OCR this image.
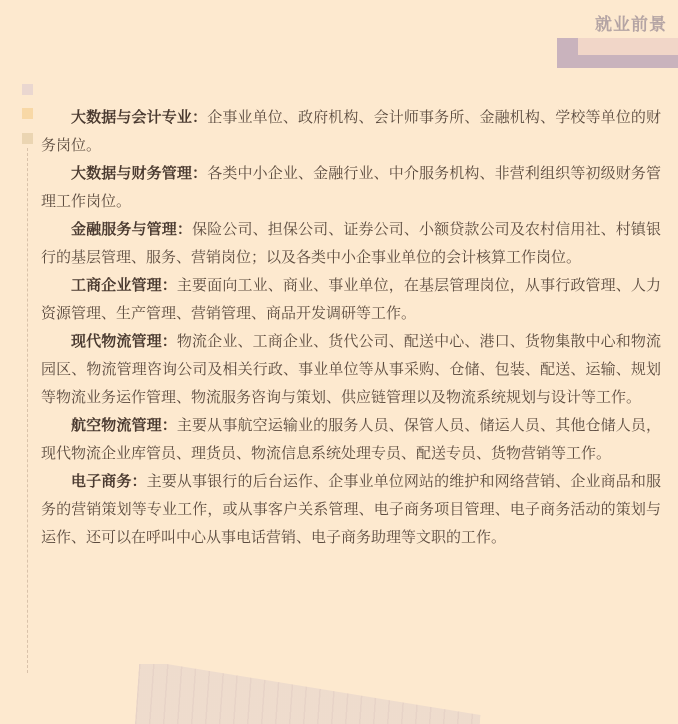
就业前景

大数据与会计专业：企事业单位、政府机构、会计师事务所、金融机构、学校等单位的财务岗位。

大数据与财务管理：各类中小企业、金融行业、中介服务机构、非营利组织等初级财务管理工作岗位。

金融服务与管理：保险公司、担保公司、证券公司、小额贷款公司及农村信用社、村镇银行的基层管理、服务、营销岗位；以及各类中小企事业单位的会计核算工作岗位。

工商企业管理：主要面向工业、商业、事业单位，在基层管理岗位，从事行政管理、人力资源管理、生产管理、营销管理、商品开发调研等工作。

现代物流管理：物流企业、工商企业、货代公司、配送中心、港口、货物集散中心和物流园区、物流管理咨询公司及相关行政、事业单位等从事采购、仓储、包装、配送、运输、规划等物流业务运作管理、物流服务咨询与策划、供应链管理以及物流系统规划与设计等工作。

航空物流管理：主要从事航空运输业的服务人员、保管人员、储运人员、其他仓储人员，现代物流企业库管员、理货员、物流信息系统处理专员、配送专员、货物营销等工作。

电子商务：主要从事银行的后台运作、企事业单位网站的维护和网络营销、企业商品和服务的营销策划等专业工作，或从事客户关系管理、电子商务项目管理、电子商务活动的策划与运作、还可以在呼叫中心从事电话营销、电子商务助理等文职的工作。
